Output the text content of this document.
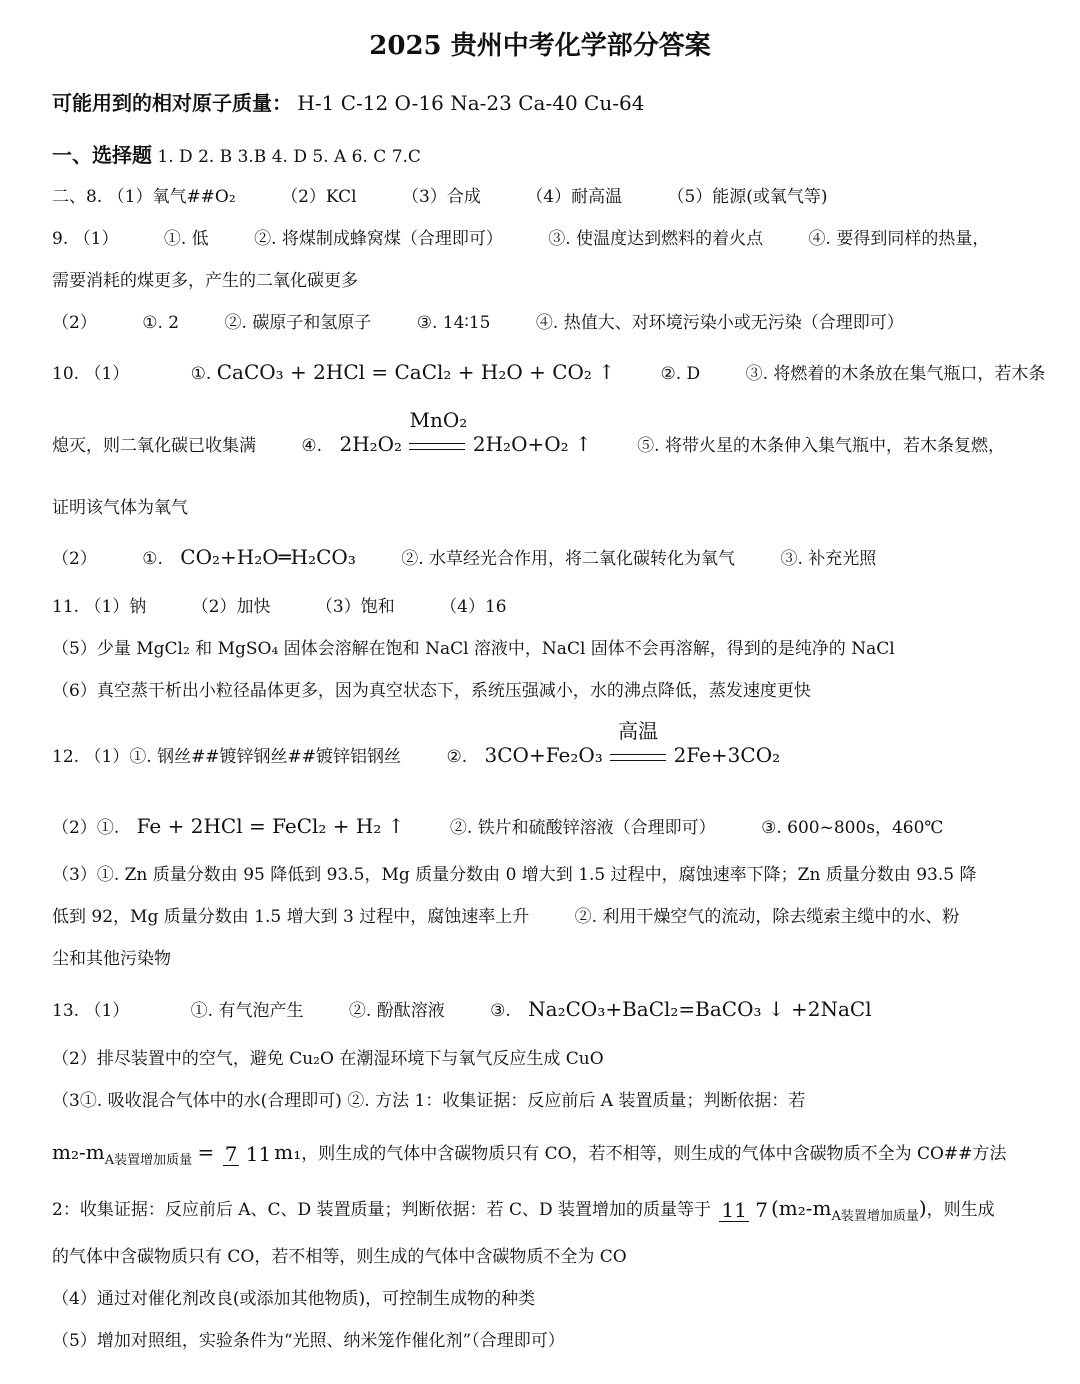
2025 贵州中考化学部分答案
可能用到的相对原子质量： H-1 C-12 O-16 Na-23 Ca-40 Cu-64
一、选择题 1. D 2. B 3.B 4. D 5. A 6. C 7.C
二、8. （1）氧气##O₂	（2）KCl	（3）合成	（4）耐高温	（5）能源(或氧气等)
9. （1）	①. 低	②. 将煤制成蜂窝煤（合理即可）	③. 使温度达到燃料的着火点	④. 要得到同样的热量，
需要消耗的煤更多，产生的二氧化碳更多
（2）	①. 2	②. 碳原子和氢原子	③. 14∶15	④. 热值大、对环境污染小或无污染（合理即可）
10. （1）	①. CaCO₃ + 2HCl = CaCl₂ + H₂O + CO₂ ↑	②. D	③. 将燃着的木条放在集气瓶口，若木条
熄灭，则二氧化碳已收集满	④. 2H₂O₂
MnO₂
2H₂O+O₂ ↑	⑤. 将带火星的木条伸入集气瓶中，若木条复燃，
证明该气体为氧气
（2）	①. CO₂+H₂O═H₂CO₃	②. 水草经光合作用，将二氧化碳转化为氧气	③. 补充光照
11. （1）钠	（2）加快	（3）饱和	（4）16
（5）少量 MgCl₂ 和 MgSO₄ 固体会溶解在饱和 NaCl 溶液中，NaCl 固体不会再溶解，得到的是纯净的 NaCl
（6）真空蒸干析出小粒径晶体更多，因为真空状态下，系统压强减小，水的沸点降低，蒸发速度更快
12. （1）①. 钢丝##镀锌钢丝##镀锌铝钢丝	②. 3CO+Fe₂O₃
高温
2Fe+3CO₂
（2）①. Fe + 2HCl = FeCl₂ + H₂ ↑	②. 铁片和硫酸锌溶液（合理即可）	③. 600~800s，460℃
（3）①. Zn 质量分数由 95 降低到 93.5，Mg 质量分数由 0 增大到 1.5 过程中，腐蚀速率下降；Zn 质量分数由 93.5 降
低到 92，Mg 质量分数由 1.5 增大到 3 过程中，腐蚀速率上升	②. 利用干燥空气的流动，除去缆索主缆中的水、粉
尘和其他污染物
13. （1）	①. 有气泡产生	②. 酚酞溶液	③. Na₂CO₃+BaCl₂=BaCO₃ ↓ +2NaCl
（2）排尽装置中的空气，避免 Cu₂O 在潮湿环境下与氧气反应生成 CuO
（3①. 吸收混合气体中的水(合理即可) ②. 方法 1：收集证据：反应前后 A 装置质量；判断依据：若
m₂-mA装置增加质量 = 7 11 m₁，则生成的气体中含碳物质只有 CO，若不相等，则生成的气体中含碳物质不全为 CO##方法
2：收集证据：反应前后 A、C、D 装置质量；判断依据：若 C、D 装置增加的质量等于 11 7 (m₂-mA装置增加质量)，则生成
的气体中含碳物质只有 CO，若不相等，则生成的气体中含碳物质不全为 CO
（4）通过对催化剂改良(或添加其他物质)，可控制生成物的种类
（5）增加对照组，实验条件为“光照、纳米笼作催化剂”（合理即可）
